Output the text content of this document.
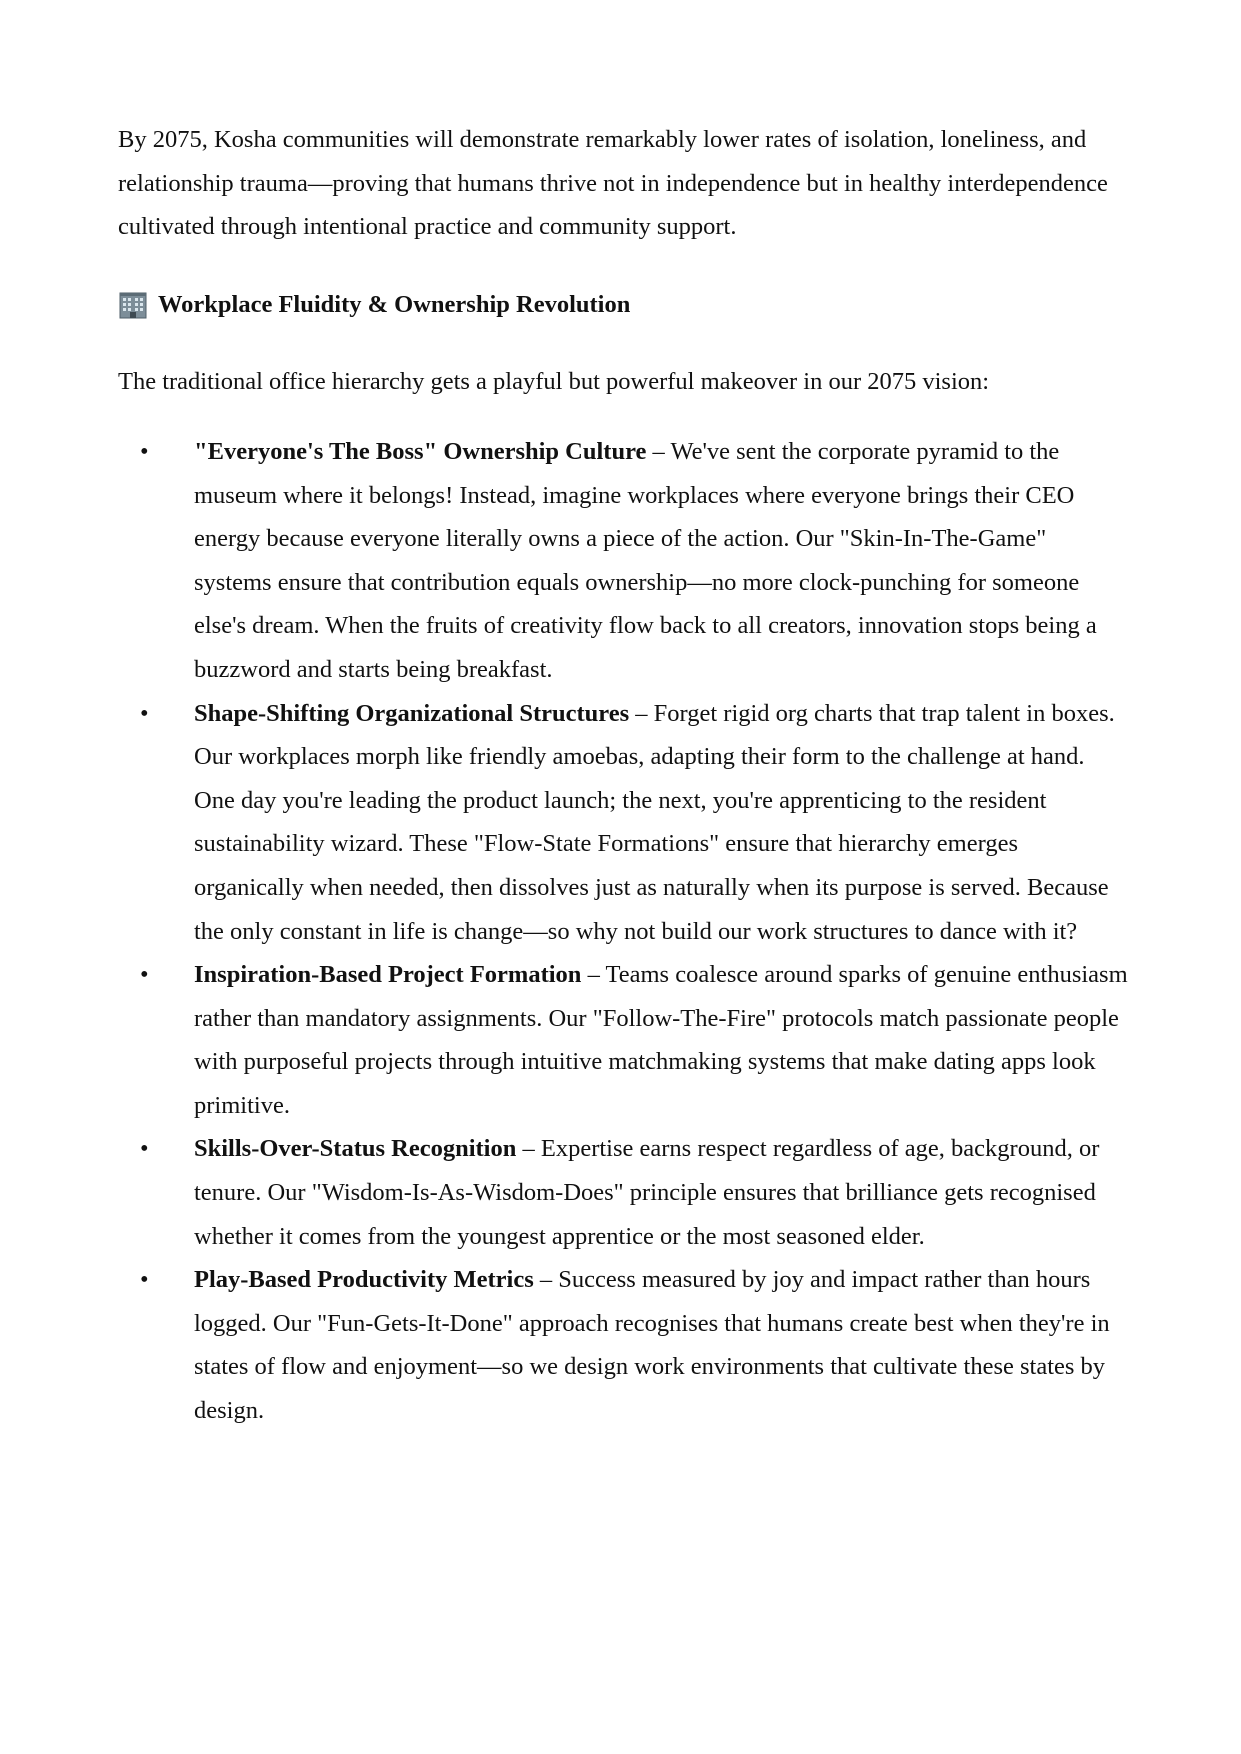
By 2075, Kosha communities will demonstrate remarkably lower rates of isolation, loneliness, and relationship trauma—proving that humans thrive not in independence but in healthy interdependence cultivated through intentional practice and community support.

Workplace Fluidity & Ownership Revolution

The traditional office hierarchy gets a playful but powerful makeover in our 2075 vision:

• "Everyone's The Boss" Ownership Culture – We've sent the corporate pyramid to the museum where it belongs! Instead, imagine workplaces where everyone brings their CEO energy because everyone literally owns a piece of the action. Our "Skin-In-The-Game" systems ensure that contribution equals ownership—no more clock-punching for someone else's dream. When the fruits of creativity flow back to all creators, innovation stops being a buzzword and starts being breakfast.
• Shape-Shifting Organizational Structures – Forget rigid org charts that trap talent in boxes. Our workplaces morph like friendly amoebas, adapting their form to the challenge at hand. One day you're leading the product launch; the next, you're apprenticing to the resident sustainability wizard. These "Flow-State Formations" ensure that hierarchy emerges organically when needed, then dissolves just as naturally when its purpose is served. Because the only constant in life is change—so why not build our work structures to dance with it?
• Inspiration-Based Project Formation – Teams coalesce around sparks of genuine enthusiasm rather than mandatory assignments. Our "Follow-The-Fire" protocols match passionate people with purposeful projects through intuitive matchmaking systems that make dating apps look primitive.
• Skills-Over-Status Recognition – Expertise earns respect regardless of age, background, or tenure. Our "Wisdom-Is-As-Wisdom-Does" principle ensures that brilliance gets recognised whether it comes from the youngest apprentice or the most seasoned elder.
• Play-Based Productivity Metrics – Success measured by joy and impact rather than hours logged. Our "Fun-Gets-It-Done" approach recognises that humans create best when they're in states of flow and enjoyment—so we design work environments that cultivate these states by design.
